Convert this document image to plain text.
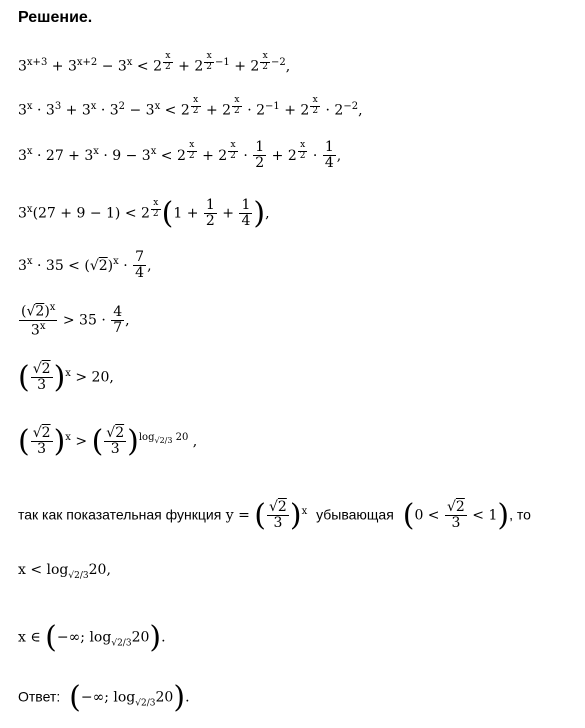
Решение.
$3^{x+3} + 3^{x+2} - 3^x < 2$ $^{\frac{x}{2}}$ + 2 $^{\frac{x}{2} -1}$ + 2 $^{\frac{x}{2} -2}$,
$3^x \cdot 3^3 + 3^x \cdot 3^2 - 3^x < 2$ $^{\frac{x}{2}}$ + 2 $^{\frac{x}{2}} \cdot 2^{-1} + 2$ $^{\frac{x}{2}} \cdot 2^{-2}$,
$3^x \cdot 27 + 3^x \cdot 9 - 3^x < 2$ $^{\frac{x}{2}}$ + 2 $^{\frac{x}{2}} \cdot \frac{1}{2} + 2$ $^{\frac{x}{2}} \cdot \frac{1}{4}$ ,
$3^x(27 + 9 - 1) < 2$ $^{\frac{x}{2}}$ ($1 + \frac{1}{2} + \frac{1}{4}$ ),
$3^x \cdot 35 < (√2)^x \cdot \frac{7}{4}$ ,
$\frac{(√2)^x}{3^x} > 35 \cdot \frac{4}{7}$ ,
( $\frac{√2}{3} )^x > 20$,
( $\frac{√2}{3} )^x$ > ( $\frac{√2}{3} )^{log_{√2/3} 20}$ ,
так как показательная функция y = ( $\frac{√2}{3} )^x$ убывающая $(0 < \frac{√2}{3} < 1)$, то
$x < \log_{√2/3}20$,
x ∈ (−∞; $\log_{√2/3}20$).
Ответ: (−∞; $\log_{√2/3}20$).
